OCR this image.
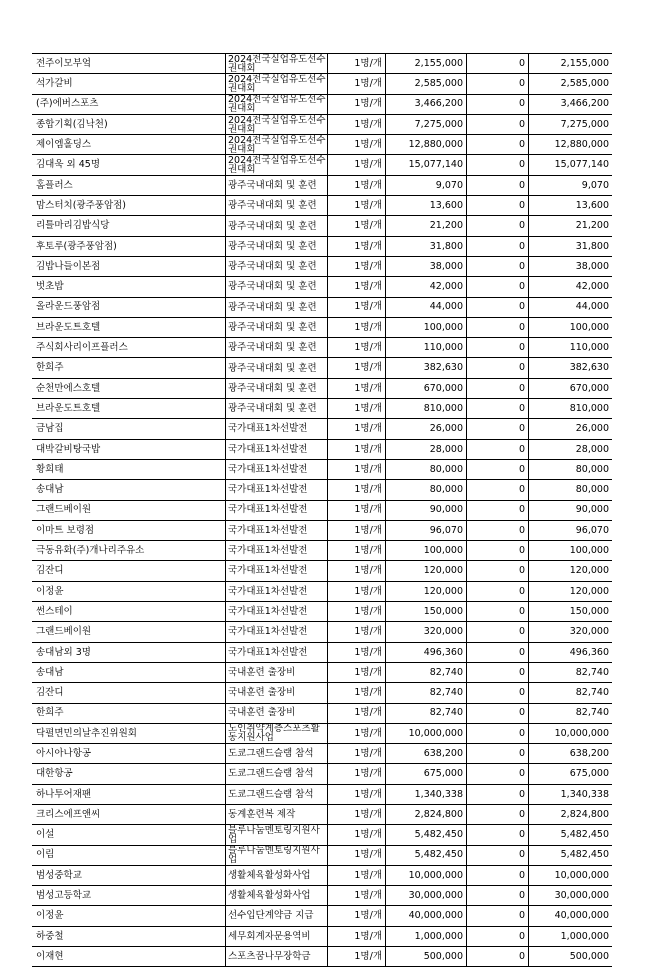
전주이모부엌	2024전국실업유도선수권대회	1명/개	2,155,000	0	2,155,000
석가갈비	2024전국실업유도선수권대회	1명/개	2,585,000	0	2,585,000
(주)에버스포츠	2024전국실업유도선수권대회	1명/개	3,466,200	0	3,466,200
종합기획(김낙천)	2024전국실업유도선수권대회	1명/개	7,275,000	0	7,275,000
제이엠홀딩스	2024전국실업유도선수권대회	1명/개	12,880,000	0	12,880,000
김대욱 외 45명	2024전국실업유도선수권대회	1명/개	15,077,140	0	15,077,140
홈플러스	광주국내대회 및 훈련	1명/개	9,070	0	9,070
맘스터치(광주풍암점)	광주국내대회 및 훈련	1명/개	13,600	0	13,600
리틀마리김밥식당	광주국내대회 및 훈련	1명/개	21,200	0	21,200
후토루(광주풍암점)	광주국내대회 및 훈련	1명/개	31,800	0	31,800
김밥나들이본점	광주국내대회 및 훈련	1명/개	38,000	0	38,000
벗초밥	광주국내대회 및 훈련	1명/개	42,000	0	42,000
올라운드풍암점	광주국내대회 및 훈련	1명/개	44,000	0	44,000
브라운도트호텔	광주국내대회 및 훈련	1명/개	100,000	0	100,000
주식회사리이프플러스	광주국내대회 및 훈련	1명/개	110,000	0	110,000
한희주	광주국내대회 및 훈련	1명/개	382,630	0	382,630
순천만에스호텔	광주국내대회 및 훈련	1명/개	670,000	0	670,000
브라운도트호텔	광주국내대회 및 훈련	1명/개	810,000	0	810,000
금남집	국가대표1차선발전	1명/개	26,000	0	26,000
대박갈비탕국밥	국가대표1차선발전	1명/개	28,000	0	28,000
황희태	국가대표1차선발전	1명/개	80,000	0	80,000
송대남	국가대표1차선발전	1명/개	80,000	0	80,000
그랜드베이원	국가대표1차선발전	1명/개	90,000	0	90,000
이마트 보령점	국가대표1차선발전	1명/개	96,070	0	96,070
극동유화(주)개나리주유소	국가대표1차선발전	1명/개	100,000	0	100,000
김잔디	국가대표1차선발전	1명/개	120,000	0	120,000
이정윤	국가대표1차선발전	1명/개	120,000	0	120,000
썬스테이	국가대표1차선발전	1명/개	150,000	0	150,000
그랜드베이원	국가대표1차선발전	1명/개	320,000	0	320,000
송대남외 3명	국가대표1차선발전	1명/개	496,360	0	496,360
송대남	국내훈련 출장비	1명/개	82,740	0	82,740
김잔디	국내훈련 출장비	1명/개	82,740	0	82,740
한희주	국내훈련 출장비	1명/개	82,740	0	82,740
닥펼면민의날추진위원회	노인취약계층스포츠활동지원사업	1명/개	10,000,000	0	10,000,000
아시아나항공	도쿄그랜드슬램 참석	1명/개	638,200	0	638,200
대한항공	도쿄그랜드슬램 참석	1명/개	675,000	0	675,000
하나투어재팬	도쿄그랜드슬램 참석	1명/개	1,340,338	0	1,340,338
크리스에프앤씨	동계훈련복 제작	1명/개	2,824,800	0	2,824,800
이설	블루나눔멘토링지원사업	1명/개	5,482,450	0	5,482,450
이림	블루나눔멘토링지원사업	1명/개	5,482,450	0	5,482,450
범성중학교	생활체육활성화사업	1명/개	10,000,000	0	10,000,000
범성고등학교	생활체육활성화사업	1명/개	30,000,000	0	30,000,000
이정윤	선수입단계약금 지급	1명/개	40,000,000	0	40,000,000
하중철	세무회계자문용역비	1명/개	1,000,000	0	1,000,000
이재현	스포츠꿈나무장학금	1명/개	500,000	0	500,000
